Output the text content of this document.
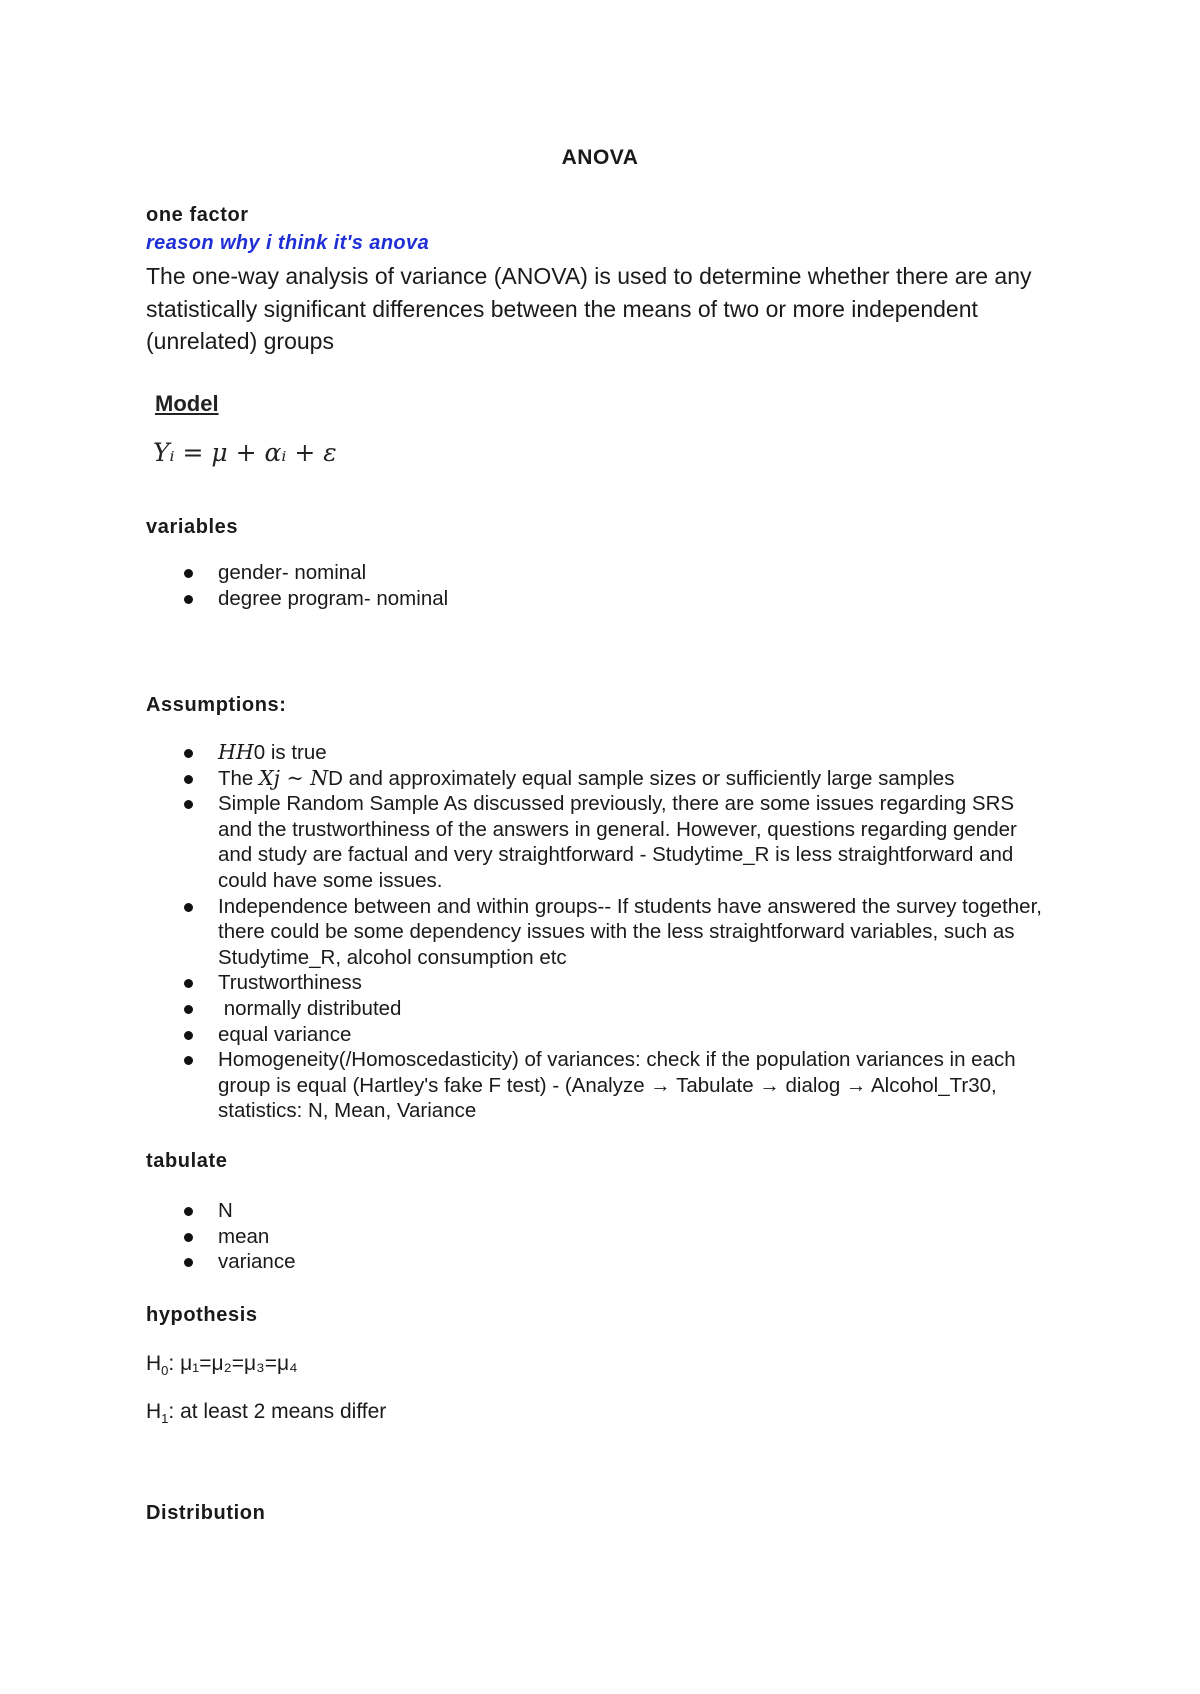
ANOVA
one factor
reason why i think it's anova
The one-way analysis of variance (ANOVA) is used to determine whether there are any statistically significant differences between the means of two or more independent (unrelated) groups
Model
Yᵢ = μ + αᵢ + ε
variables
gender- nominal
degree program- nominal
Assumptions:
𝐻𝐻0 is true
The 𝑋𝑗 ~ 𝑁D and approximately equal sample sizes or sufficiently large samples
Simple Random Sample As discussed previously, there are some issues regarding SRS and the trustworthiness of the answers in general. However, questions regarding gender and study are factual and very straightforward - Studytime_R is less straightforward and could have some issues.
Independence between and within groups-- If students have answered the survey together, there could be some dependency issues with the less straightforward variables, such as Studytime_R, alcohol consumption etc
Trustworthiness
normally distributed
equal variance
Homogeneity(/Homoscedasticity) of variances: check if the population variances in each group is equal (Hartley's fake F test) - (Analyze → Tabulate → dialog → Alcohol_Tr30, statistics: N, Mean, Variance
tabulate
N
mean
variance
hypothesis
$H_0$: μ₁=μ₂=μ₃=μ₄
$H_1$: at least 2 means differ
Distribution
